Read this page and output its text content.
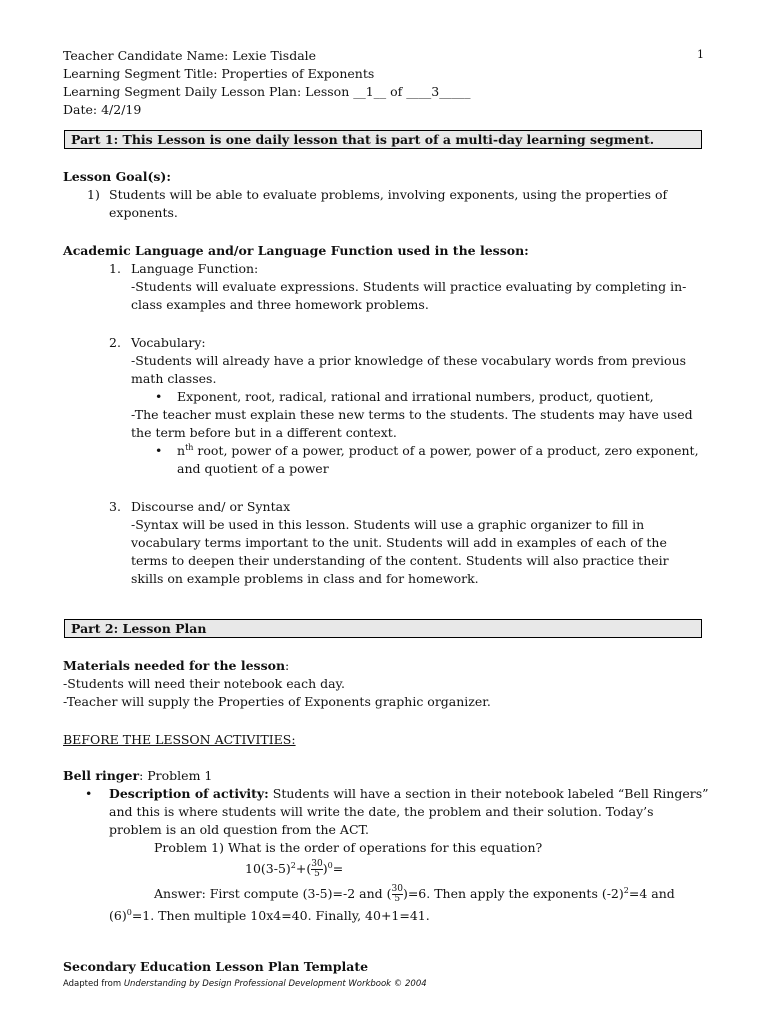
1
Teacher Candidate Name: Lexie Tisdale
Learning Segment Title: Properties of Exponents
Learning Segment Daily Lesson Plan: Lesson __1__ of ____3_____
Date: 4/2/19
Part 1: This Lesson is one daily lesson that is part of a multi-day learning segment.
Lesson Goal(s):
1) Students will be able to evaluate problems, involving exponents, using the properties of
exponents.
Academic Language and/or Language Function used in the lesson:
1. Language Function:
-Students will evaluate expressions. Students will practice evaluating by completing in-
class examples and three homework problems.
2. Vocabulary:
-Students will already have a prior knowledge of these vocabulary words from previous
math classes.
• Exponent, root, radical, rational and irrational numbers, product, quotient,
-The teacher must explain these new terms to the students. The students may have used
the term before but in a different context.
• $n^{th}$ root, power of a power, product of a power, power of a product, zero exponent,
and quotient of a power
3. Discourse and/ or Syntax
-Syntax will be used in this lesson. Students will use a graphic organizer to fill in
vocabulary terms important to the unit. Students will add in examples of each of the
terms to deepen their understanding of the content. Students will also practice their
skills on example problems in class and for homework.
Part 2: Lesson Plan
Materials needed for the lesson:
-Students will need their notebook each day.
-Teacher will supply the Properties of Exponents graphic organizer.
BEFORE THE LESSON ACTIVITIES:
Bell ringer: Problem 1
• Description of activity: Students will have a section in their notebook labeled “Bell Ringers”
and this is where students will write the date, the problem and their solution. Today’s
problem is an old question from the ACT.
Problem 1) What is the order of operations for this equation?
$10(3-5)^2+( \frac{30}{5} )^0=$
Answer: First compute (3-5)=-2 and ( $\frac{30}{5} )=6$. Then apply the exponents $(-2)^2=4$ and
$(6)^0=1$. Then multiple 10x4=40. Finally, 40+1=41.
Secondary Education Lesson Plan Template
Adapted from Understanding by Design Professional Development Workbook © 2004
